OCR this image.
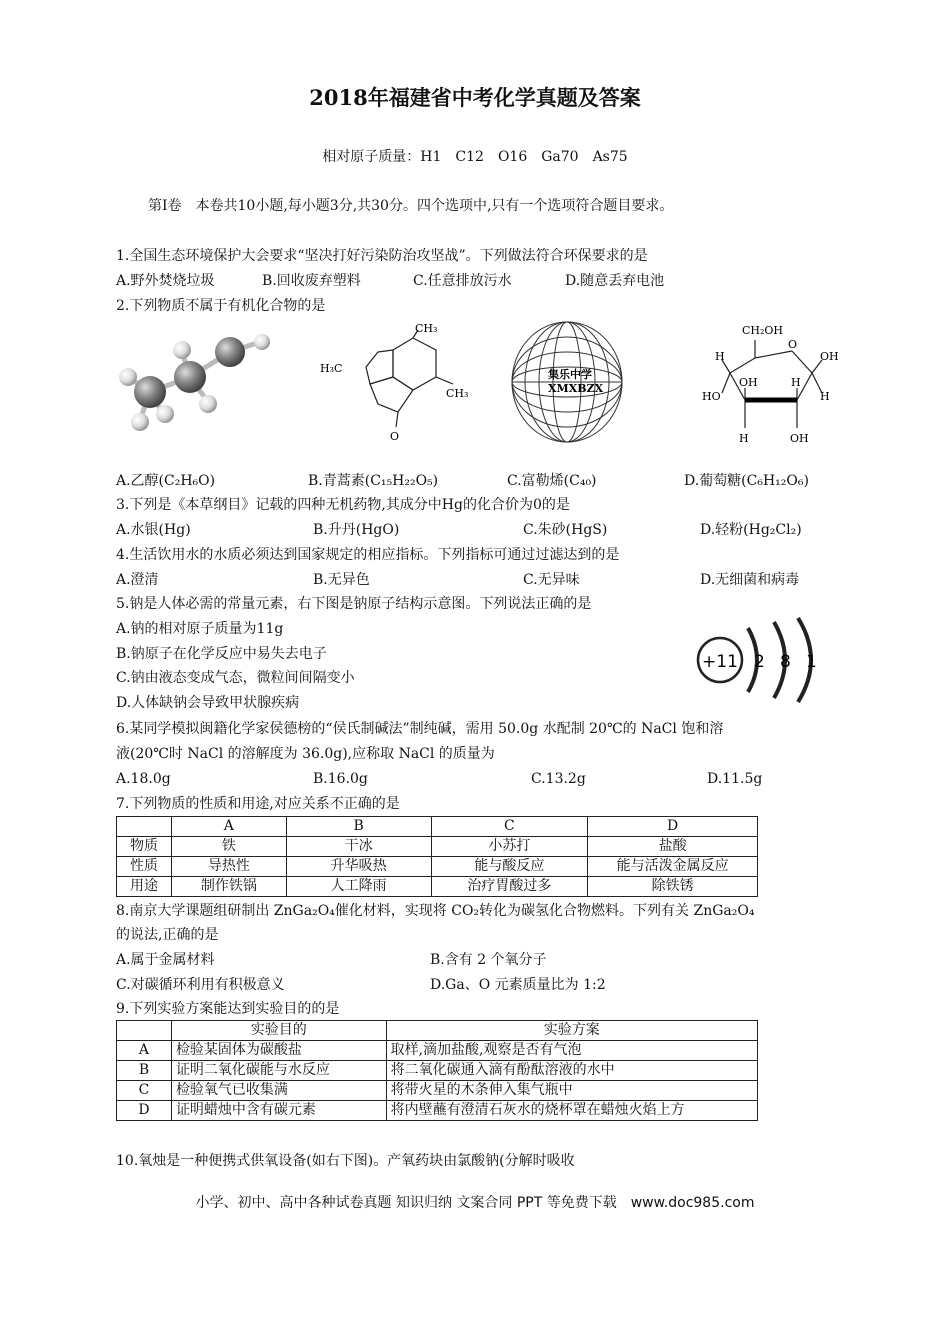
2018年福建省中考化学真题及答案
相对原子质量：H1　C12　O16　Ga70　As75
第Ⅰ卷　本卷共10小题,每小题3分,共30分。四个选项中,只有一个选项符合题目要求。
1.全国生态环境保护大会要求“坚决打好污染防治攻坚战”。下列做法符合环保要求的是
A.野外焚烧垃圾	B.回收废弃塑料	C.任意排放污水	D.随意丢弃电池
2.下列物质不属于有机化合物的是
CH₃
H₃C
CH₃
O
集乐中学
XMXBZX
CH₂OH
O
H
HO
OH
H
OH	H
H	OH
A.乙醇(C₂H₆O)	B.青蒿素(C₁₅H₂₂O₅)	C.富勒烯(C₄₀)	D.葡萄糖(C₆H₁₂O₆)
3.下列是《本草纲目》记载的四种无机药物,其成分中Hg的化合价为0的是
A.水银(Hg)	B.升丹(HgO)	C.朱砂(HgS)	D.轻粉(Hg₂Cl₂)
4.生活饮用水的水质必须达到国家规定的相应指标。下列指标可通过过滤达到的是
A.澄清	B.无异色	C.无异味	D.无细菌和病毒
5.钠是人体必需的常量元素，右下图是钠原子结构示意图。下列说法正确的是
A.钠的相对原子质量为11g
B.钠原子在化学反应中易失去电子
C.钠由液态变成气态，微粒间间隔变小
D.人体缺钠会导致甲状腺疾病
+11 2 8 1
6.某同学模拟闽籍化学家侯德榜的“侯氏制碱法”制纯碱，需用 50.0g 水配制 20℃的 NaCl 饱和溶
液(20℃时 NaCl 的溶解度为 36.0g),应称取 NaCl 的质量为
A.18.0g	B.16.0g	C.13.2g	D.11.5g
7.下列物质的性质和用途,对应关系不正确的是
	A	B	C	D
物质	铁	干冰	小苏打	盐酸
性质	导热性	升华吸热	能与酸反应	能与活泼金属反应
用途	制作铁锅	人工降雨	治疗胃酸过多	除铁锈
8.南京大学课题组研制出 ZnGa₂O₄催化材料，实现将 CO₂转化为碳氢化合物燃料。下列有关 ZnGa₂O₄
的说法,正确的是
A.属于金属材料	B.含有 2 个氧分子
C.对碳循环利用有积极意义	D.Ga、O 元素质量比为 1:2
9.下列实验方案能达到实验目的的是
	实验目的	实验方案
A	检验某固体为碳酸盐	取样,滴加盐酸,观察是否有气泡
B	证明二氧化碳能与水反应	将二氧化碳通入滴有酚酞溶液的水中
C	检验氧气已收集满	将带火星的木条伸入集气瓶中
D	证明蜡烛中含有碳元素	将内壁蘸有澄清石灰水的烧杯罩在蜡烛火焰上方
10.氧烛是一种便携式供氧设备(如右下图)。产氧药块由氯酸钠(分解时吸收
小学、初中、高中各种试卷真题 知识归纳 文案合同 PPT 等免费下载　www.doc985.com
